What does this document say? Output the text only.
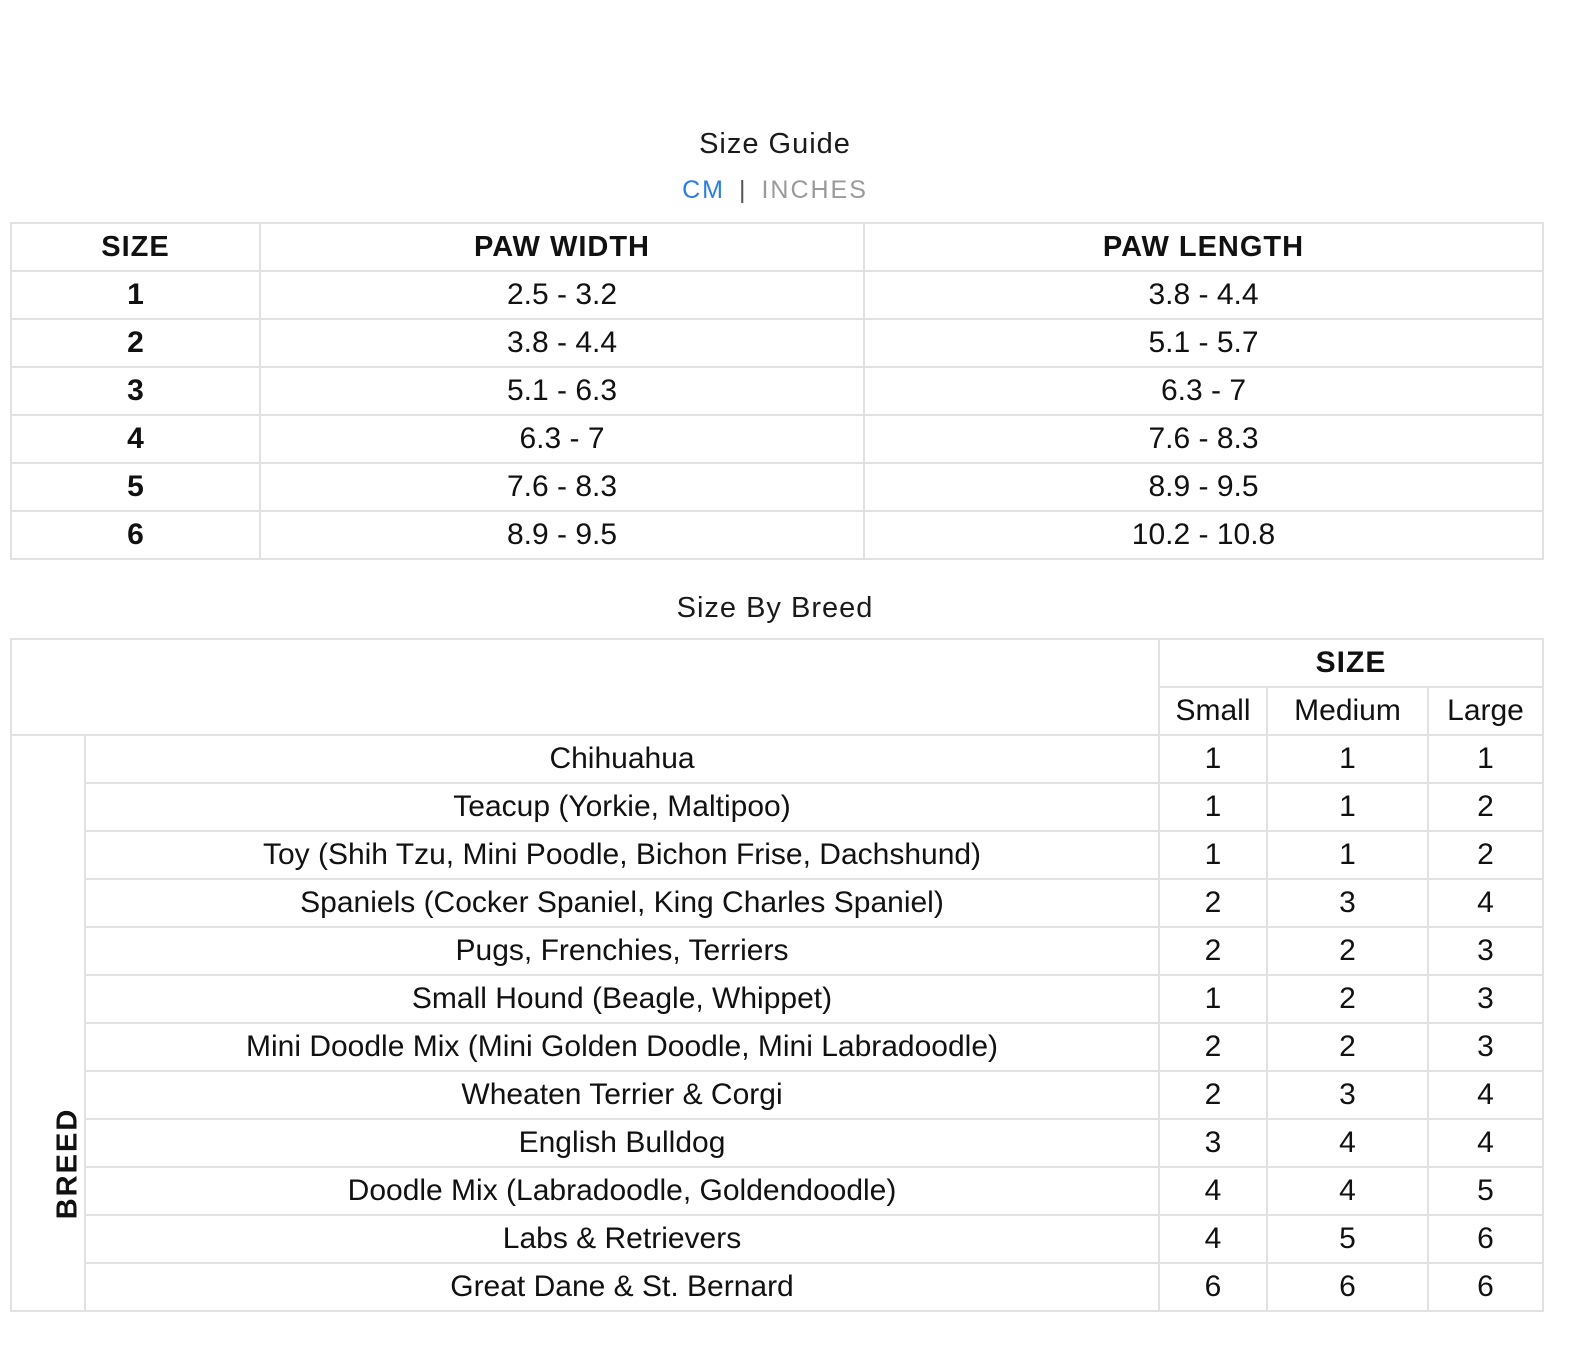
Size Guide
CM | INCHES
SIZE	PAW WIDTH	PAW LENGTH
1	2.5 - 3.2	3.8 - 4.4
2	3.8 - 4.4	5.1 - 5.7
3	5.1 - 6.3	6.3 - 7
4	6.3 - 7	7.6 - 8.3
5	7.6 - 8.3	8.9 - 9.5
6	8.9 - 9.5	10.2 - 10.8
Size By Breed
		SIZE		
		Small	Medium	Large
BREED	Chihuahua	1	1	1
	Teacup (Yorkie, Maltipoo)	1	1	2
	Toy (Shih Tzu, Mini Poodle, Bichon Frise, Dachshund)	1	1	2
	Spaniels (Cocker Spaniel, King Charles Spaniel)	2	3	4
	Pugs, Frenchies, Terriers	2	2	3
	Small Hound (Beagle, Whippet)	1	2	3
	Mini Doodle Mix (Mini Golden Doodle, Mini Labradoodle)	2	2	3
	Wheaten Terrier & Corgi	2	3	4
	English Bulldog	3	4	4
	Doodle Mix (Labradoodle, Goldendoodle)	4	4	5
	Labs & Retrievers	4	5	6
	Great Dane & St. Bernard	6	6	6
